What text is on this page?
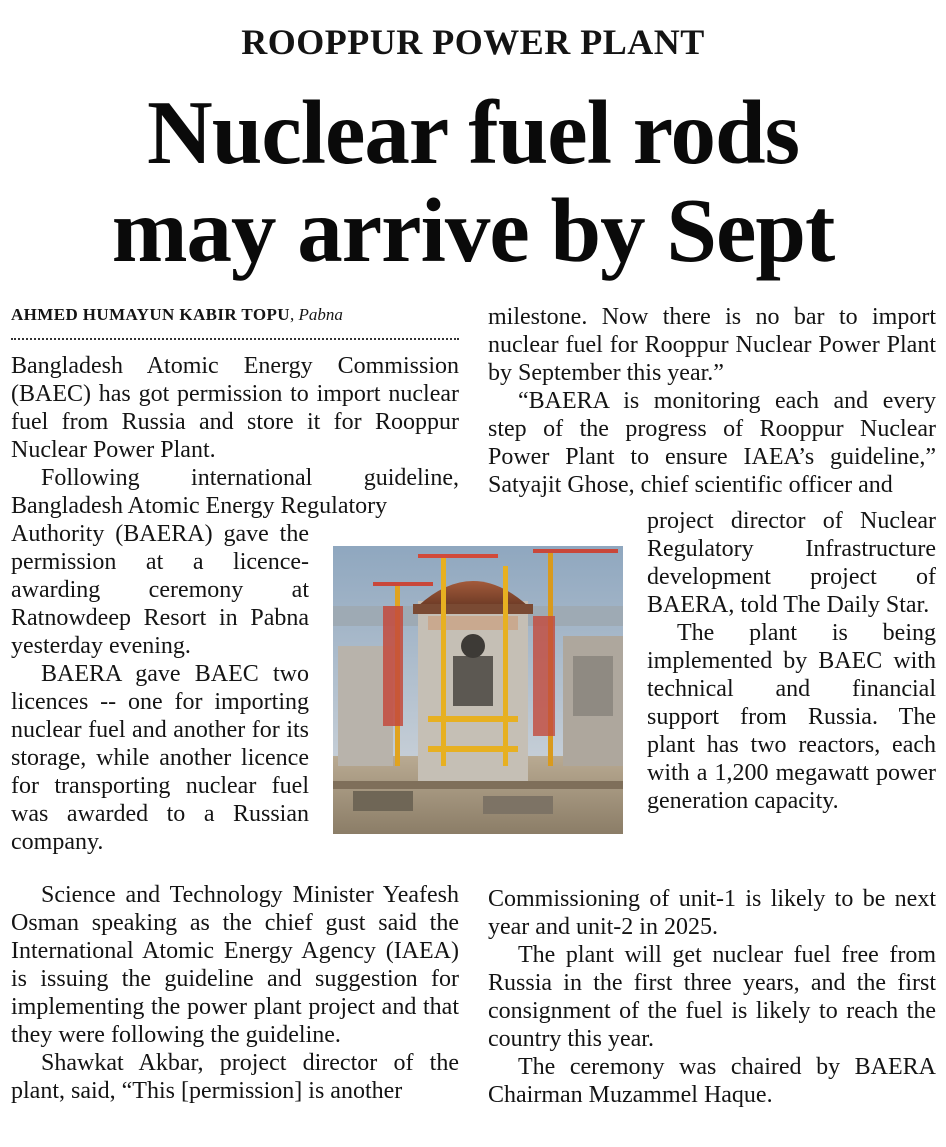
ROOPPUR POWER PLANT
Nuclear fuel rods
may arrive by Sept
AHMED HUMAYUN KABIR TOPU, Pabna

Bangladesh Atomic Energy Commission (BAEC) has got permission to import nuclear fuel from Russia and store it for Rooppur Nuclear Power Plant.

Following international guideline, Bangladesh Atomic Energy Regulatory

Authority (BAERA) gave the permission at a licence-awarding ceremony at Ratnowdeep Resort in Pabna yesterday evening.

BAERA gave BAEC two licences -- one for importing nuclear fuel and another for its storage, while another licence for transporting nuclear fuel was awarded to a Russian company.

Science and Technology Minister Yeafesh Osman speaking as the chief gust said the International Atomic Energy Agency (IAEA) is issuing the guideline and suggestion for implementing the power plant project and that they were following the guideline.

Shawkat Akbar, project director of the plant, said, “This [permission] is another

milestone. Now there is no bar to import nuclear fuel for Rooppur Nuclear Power Plant by September this year.”

“BAERA is monitoring each and every step of the progress of Rooppur Nuclear Power Plant to ensure IAEA’s guideline,” Satyajit Ghose, chief scientific officer and

project director of Nuclear Regulatory Infrastructure development project of BAERA, told The Daily Star.

The plant is being implemented by BAEC with technical and financial support from Russia. The plant has two reactors, each with a 1,200 megawatt power generation capacity.

Commissioning of unit-1 is likely to be next year and unit-2 in 2025.

The plant will get nuclear fuel free from Russia in the first three years, and the first consignment of the fuel is likely to reach the country this year.

The ceremony was chaired by BAERA Chairman Muzammel Haque.
